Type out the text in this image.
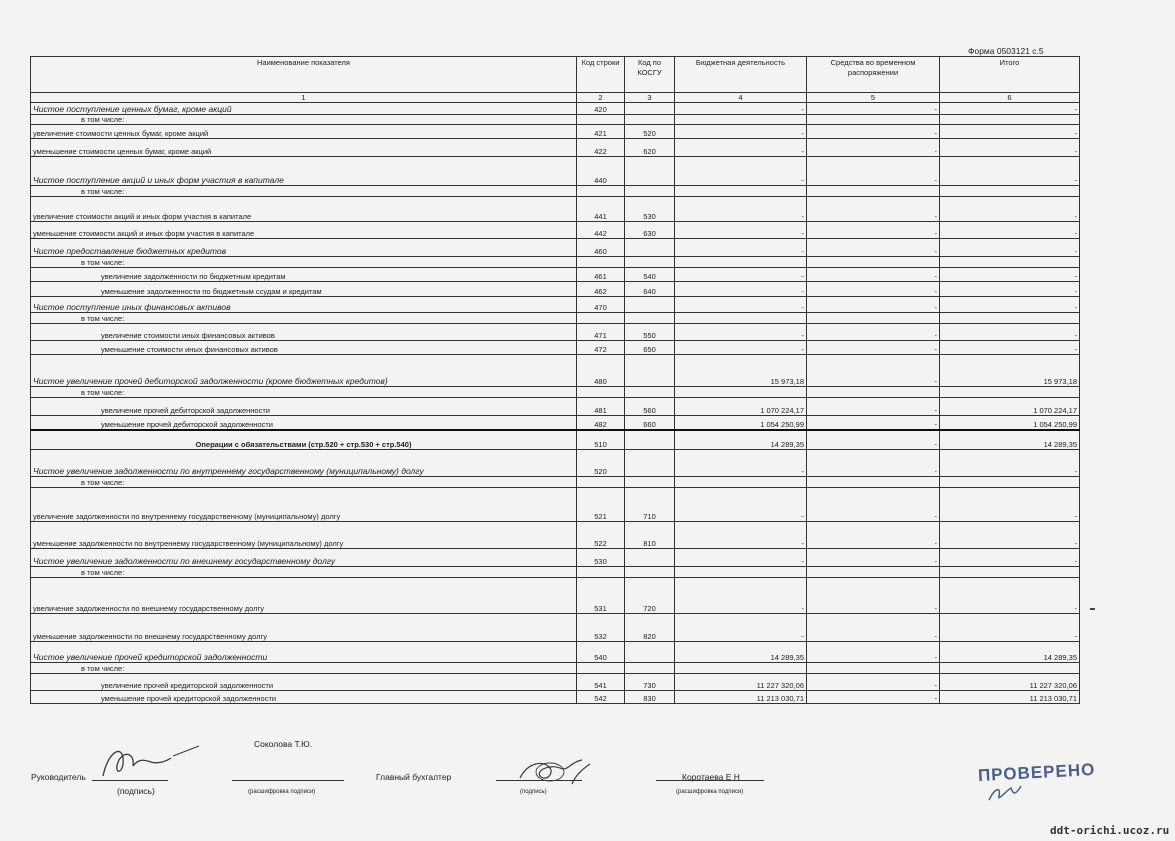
Форма 0503121 с.5
Наименование показателя	Код строки	Код по КОСГУ	Бюджетная деятельность	Средства во временном распоряжении	Итого
1	2	3	4	5	6
Чистое поступление ценных бумаг, кроме акций	420		-	-	-
в том числе:					
увеличение стоимости ценных бумаг, кроме акций	421	520	-	-	-
уменьшение стоимости ценных бумаг, кроме акций	422	620	-	-	-
Чистое поступление акций и иных форм участия в капитале	440		-	-	-
в том числе:					
увеличение стоимости акций и иных форм участия в капитале	441	530	-	-	-
уменьшение стоимости акций и иных форм участия в капитале	442	630	-	-	-
Чистое предоставление бюджетных кредитов	460		-	-	-
в том числе:					
увеличение задолженности по бюджетным кредитам	461	540	-	-	-
уменьшение задолженности по бюджетным ссудам и кредитам	462	640	-	-	-
Чистое поступление иных финансовых активов	470		-	-	-
в том числе:					
увеличение стоимости иных финансовых активов	471	550	-	-	-
уменьшение стоимости иных финансовых активов	472	650	-	-	-
Чистое увеличение прочей дебиторской задолженности (кроме бюджетных кредитов)	480		15 973,18	-	15 973,18
в том числе:					
увеличение прочей дебиторской задолженности	481	560	1 070 224,17	-	1 070 224,17
уменьшение прочей дебиторской задолженности	482	660	1 054 250,99	-	1 054 250,99
Операции с обязательствами (стр.520 + стр.530 + стр.540)	510		14 289,35	-	14 289,35
Чистое увеличение задолженности по внутреннему государственному (муниципальному) долгу	520		-	-	-
в том числе:					
увеличение задолженности по внутреннему государственному (муниципальному) долгу	521	710	-	-	-
уменьшение задолженности по внутреннему государственному (муниципальному) долгу	522	810	-	-	-
Чистое увеличение задолженности по внешнему государственному долгу	530		-	-	-
в том числе:					
увеличение задолженности по внешнему государственному долгу	531	720	-	-	-
уменьшение задолженности по внешнему государственному долгу	532	820	-	-	-
Чистое увеличение прочей кредиторской задолженности	540		14 289,35	-	14 289,35
в том числе:					
увеличение прочей кредиторской задолженности	541	730	11 227 320,06	-	11 227 320,06
уменьшение прочей кредиторской задолженности	542	830	11 213 030,71	-	11 213 030,71
Соколова Т.Ю.
Руководитель
(подпись)	(расшифровка подписи)
Главный бухгалтер
(подпись)
Коротаева Е Н
(расшифровка подписи)
ПРОВЕРЕНО
ddt-orichi.ucoz.ru
